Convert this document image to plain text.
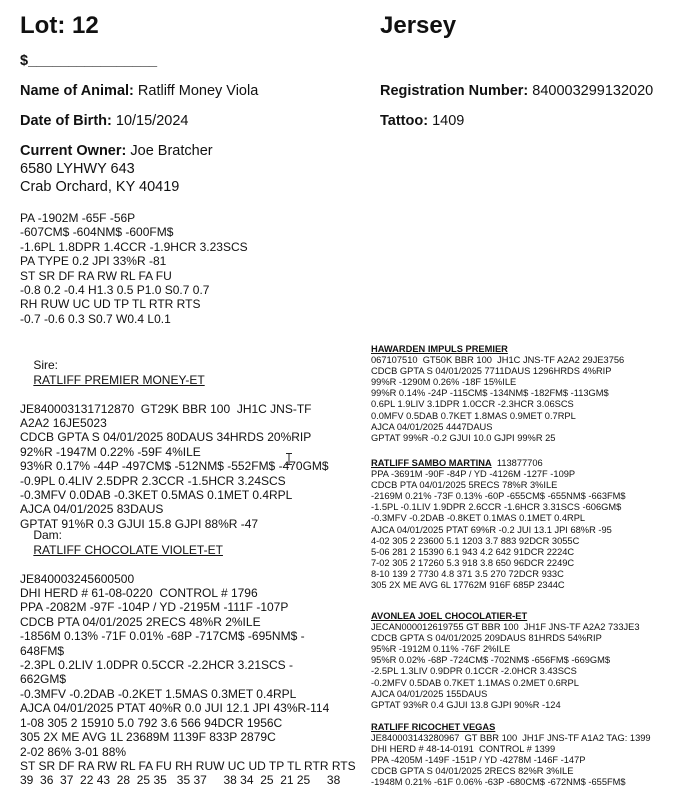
Lot: 12	Jersey
$________________
Name of Animal: Ratliff Money Viola	Registration Number: 840003299132020
Date of Birth: 10/15/2024	Tattoo: 1409
Current Owner: Joe Bratcher
6580 LYHWY 643
Crab Orchard, KY 40419
PA -1902M -65F -56P
-607CM$ -604NM$ -600FM$
-1.6PL 1.8DPR 1.4CCR -1.9HCR 3.23SCS
PA TYPE 0.2 JPI 33%R -81
ST SR DF RA RW RL FA FU
-0.8 0.2 -0.4 H1.3 0.5 P1.0 S0.7 0.7
RH RUW UC UD TP TL RTR RTS
-0.7 -0.6 0.3 S0.7 W0.4 L0.1

Sire:
RATLIFF PREMIER MONEY-ET

JE840003131712870  GT29K BBR 100  JH1C JNS-TF
A2A2 16JE5023
CDCB GPTA S 04/01/2025 80DAUS 34HRDS 20%RIP
92%R -1947M 0.22% -59F 4%ILE
93%R 0.17% -44P -497CM$ -512NM$ -552FM$ -470GM$
-0.9PL 0.4LIV 2.5DPR 2.3CCR -1.5HCR 3.24SCS
-0.3MFV 0.0DAB -0.3KET 0.5MAS 0.1MET 0.4RPL
AJCA 04/01/2025 83DAUS
GPTAT 91%R 0.3 GJUI 15.8 GJPI 88%R -47

Dam:
RATLIFF CHOCOLATE VIOLET-ET

JE840003245600500
DHI HERD # 61-08-0220  CONTROL # 1796
PPA -2082M -97F -104P / YD -2195M -111F -107P
CDCB PTA 04/01/2025 2RECS 48%R 2%ILE
-1856M 0.13% -71F 0.01% -68P -717CM$ -695NM$ -
648FM$
-2.3PL 0.2LIV 1.0DPR 0.5CCR -2.2HCR 3.21SCS -
662GM$
-0.3MFV -0.2DAB -0.2KET 1.5MAS 0.3MET 0.4RPL
AJCA 04/01/2025 PTAT 40%R 0.0 JUI 12.1 JPI 43%R-114
1-08 305 2 15910 5.0 792 3.6 566 94DCR 1956C
305 2X ME AVG 1L 23689M 1139F 833P 2879C
2-02 86% 3-01 88%
ST SR DF RA RW RL FA FU RH RUW UC UD TP TL RTR RTS
39  36  37  22 43  28  25 35   35 37     38 34  25  21 25     38
HAWARDEN IMPULS PREMIER
067107510  GT50K BBR 100  JH1C JNS-TF A2A2 29JE3756
CDCB GPTA S 04/01/2025 7711DAUS 1296HRDS 4%RIP
99%R -1290M 0.26% -18F 15%ILE
99%R 0.14% -24P -115CM$ -134NM$ -182FM$ -113GM$
0.6PL 1.9LIV 3.1DPR 1.0CCR -2.3HCR 3.06SCS
0.0MFV 0.5DAB 0.7KET 1.8MAS 0.9MET 0.7RPL
AJCA 04/01/2025 4447DAUS
GPTAT 99%R -0.2 GJUI 10.0 GJPI 99%R 25
RATLIFF SAMBO MARTINA 113877706
PPA -3691M -90F -84P / YD -4126M -127F -109P
CDCB PTA 04/01/2025 5RECS 78%R 3%ILE
-2169M 0.21% -73F 0.13% -60P -655CM$ -655NM$ -663FM$
-1.5PL -0.1LIV 1.9DPR 2.6CCR -1.6HCR 3.31SCS -606GM$
-0.3MFV -0.2DAB -0.8KET 0.1MAS 0.1MET 0.4RPL
AJCA 04/01/2025 PTAT 69%R -0.2 JUI 13.1 JPI 68%R -95
4-02 305 2 23600 5.1 1203 3.7 883 92DCR 3055C
5-06 281 2 15390 6.1 943 4.2 642 91DCR 2224C
7-02 305 2 17260 5.3 918 3.8 650 96DCR 2249C
8-10 139 2 7730 4.8 371 3.5 270 72DCR 933C
305 2X ME AVG 6L 17762M 916F 685P 2344C
AVONLEA JOEL CHOCOLATIER-ET
JECAN000012619755 GT BBR 100  JH1F JNS-TF A2A2 733JE3
CDCB GPTA S 04/01/2025 209DAUS 81HRDS 54%RIP
95%R -1912M 0.11% -76F 2%ILE
95%R 0.02% -68P -724CM$ -702NM$ -656FM$ -669GM$
-2.5PL 1.3LIV 0.9DPR 0.1CCR -2.0HCR 3.43SCS
-0.2MFV 0.5DAB 0.7KET 1.1MAS 0.2MET 0.6RPL
AJCA 04/01/2025 155DAUS
GPTAT 93%R 0.4 GJUI 13.8 GJPI 90%R -124
RATLIFF RICOCHET VEGAS
JE840003143280967  GT BBR 100  JH1F JNS-TF A1A2 TAG: 1399
DHI HERD # 48-14-0191  CONTROL # 1399
PPA -4205M -149F -151P / YD -4278M -146F -147P
CDCB GPTA S 04/01/2025 2RECS 82%R 3%ILE
-1948M 0.21% -61F 0.06% -63P -680CM$ -672NM$ -655FM$
